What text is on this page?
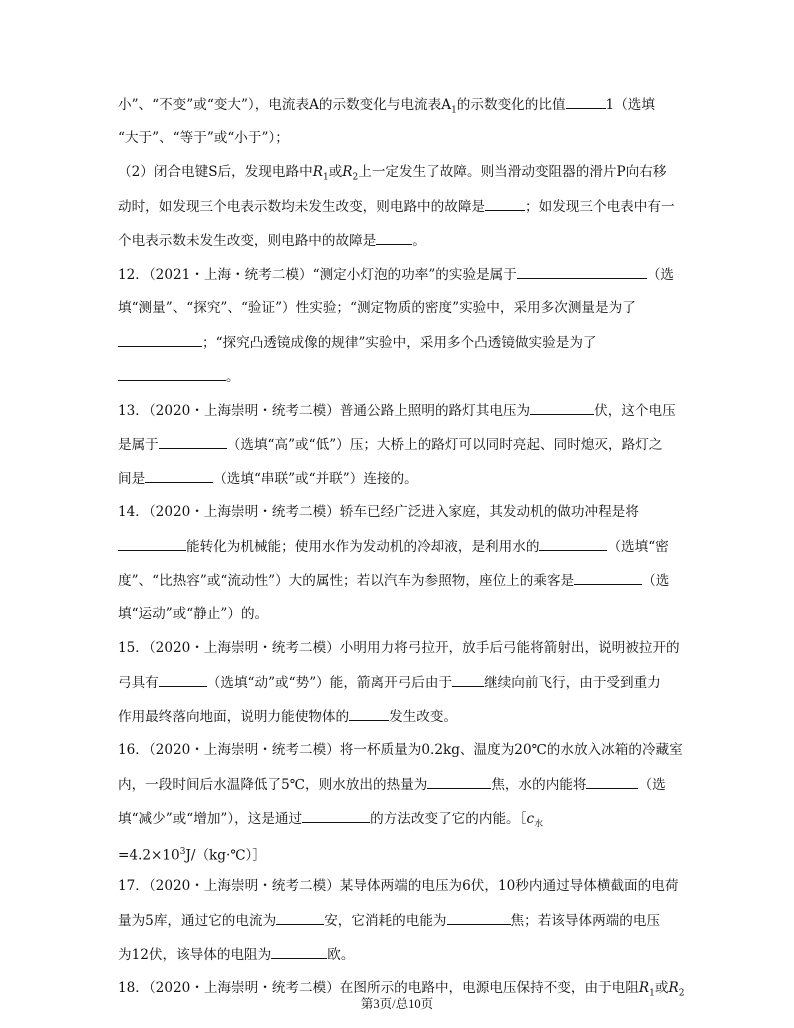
小”、“不变”或“变大”），电流表A的示数变化与电流表$A_1$的示数变化的比值	1（选填
“大于”、“等于”或“小于”）；
（2）闭合电键S后，发现电路中$R_1$或$R_2$上一定发生了故障。则当滑动变阻器的滑片P向右移
动时，如发现三个电表示数均未发生改变，则电路中的故障是	；如发现三个电表中有一
个电表示数未发生改变，则电路中的故障是	。
12．（2021・上海・统考二模）“测定小灯泡的功率”的实验是属于	（选
填“测量”、“探究”、“验证”）性实验；“测定物质的密度”实验中，采用多次测量是为了
；“探究凸透镜成像的规律”实验中，采用多个凸透镜做实验是为了
。
13．（2020・上海崇明・统考二模）普通公路上照明的路灯其电压为	伏，这个电压
是属于	（选填“高”或“低”）压；大桥上的路灯可以同时亮起、同时熄灭，路灯之
间是	（选填“串联”或“并联”）连接的。
14．（2020・上海崇明・统考二模）轿车已经广泛进入家庭，其发动机的做功冲程是将
能转化为机械能；使用水作为发动机的冷却液，是利用水的	（选填“密
度”、“比热容”或“流动性”）大的属性；若以汽车为参照物，座位上的乘客是	（选
填“运动”或“静止”）的。
15．（2020・上海崇明・统考二模）小明用力将弓拉开，放手后弓能将箭射出，说明被拉开的
弓具有	（选填“动”或“势”）能，箭离开弓后由于 继续向前飞行，由于受到重力
作用最终落向地面，说明力能使物体的	发生改变。
16．（2020・上海崇明・统考二模）将一杯质量为0.2kg、温度为20℃的水放入冰箱的冷藏室
内，一段时间后水温降低了5℃，则水放出的热量为	焦，水的内能将	（选
填“减少”或“增加”），这是通过	的方法改变了它的内能。$[c_水$
$=4.2\times 10^3J/(kg\cdot℃)]$
17．（2020・上海崇明・统考二模）某导体两端的电压为6伏，10秒内通过导体横截面的电荷
量为5库，通过它的电流为	安，它消耗的电能为	焦；若该导体两端的电压
为12伏，该导体的电阻为	欧。
18．（2020・上海崇明・统考二模）在图所示的电路中，电源电压保持不变，由于电阻$R_1$或$R_2$
第3页/总10页
